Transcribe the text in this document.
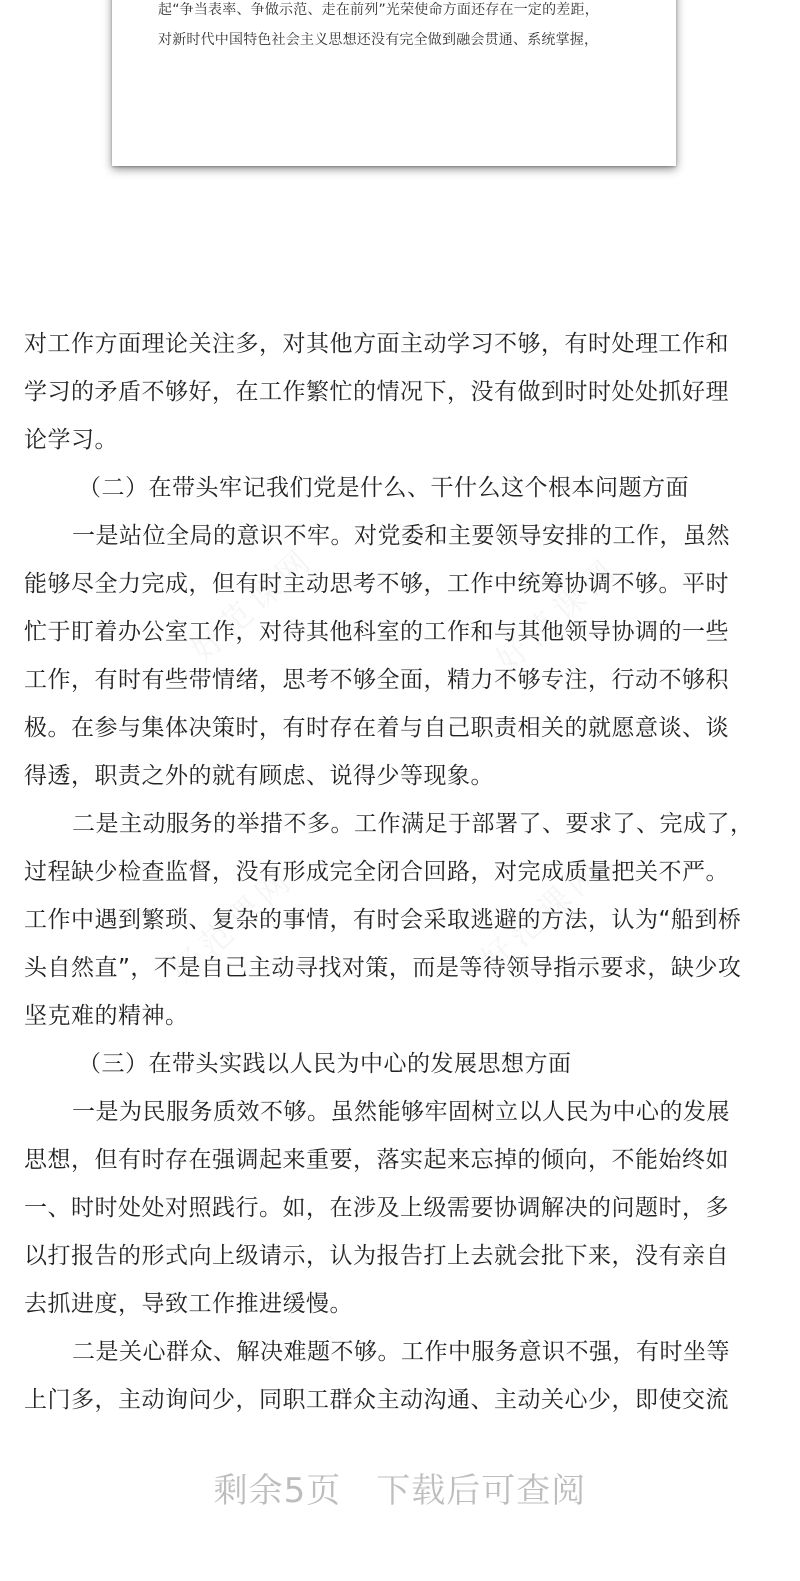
起“争当表率、争做示范、走在前列”光荣使命方面还存在一定的差距，
对新时代中国特色社会主义思想还没有完全做到融会贯通、系统掌握，
好范课网	好范课网
好范课网	好范课网
对工作方面理论关注多，对其他方面主动学习不够，有时处理工作和
学习的矛盾不够好，在工作繁忙的情况下，没有做到时时处处抓好理
论学习。
（二）在带头牢记我们党是什么、干什么这个根本问题方面
一是站位全局的意识不牢。对党委和主要领导安排的工作，虽然
能够尽全力完成，但有时主动思考不够，工作中统筹协调不够。平时
忙于盯着办公室工作，对待其他科室的工作和与其他领导协调的一些
工作，有时有些带情绪，思考不够全面，精力不够专注，行动不够积
极。在参与集体决策时，有时存在着与自己职责相关的就愿意谈、谈
得透，职责之外的就有顾虑、说得少等现象。
二是主动服务的举措不多。工作满足于部署了、要求了、完成了，
过程缺少检查监督，没有形成完全闭合回路，对完成质量把关不严。
工作中遇到繁琐、复杂的事情，有时会采取逃避的方法，认为“船到桥
头自然直”，不是自己主动寻找对策，而是等待领导指示要求，缺少攻
坚克难的精神。
（三）在带头实践以人民为中心的发展思想方面
一是为民服务质效不够。虽然能够牢固树立以人民为中心的发展
思想，但有时存在强调起来重要，落实起来忘掉的倾向，不能始终如
一、时时处处对照践行。如，在涉及上级需要协调解决的问题时，多
以打报告的形式向上级请示，认为报告打上去就会批下来，没有亲自
去抓进度，导致工作推进缓慢。
二是关心群众、解决难题不够。工作中服务意识不强，有时坐等
上门多，主动询问少，同职工群众主动沟通、主动关心少，即使交流
剩余5页　下载后可查阅
